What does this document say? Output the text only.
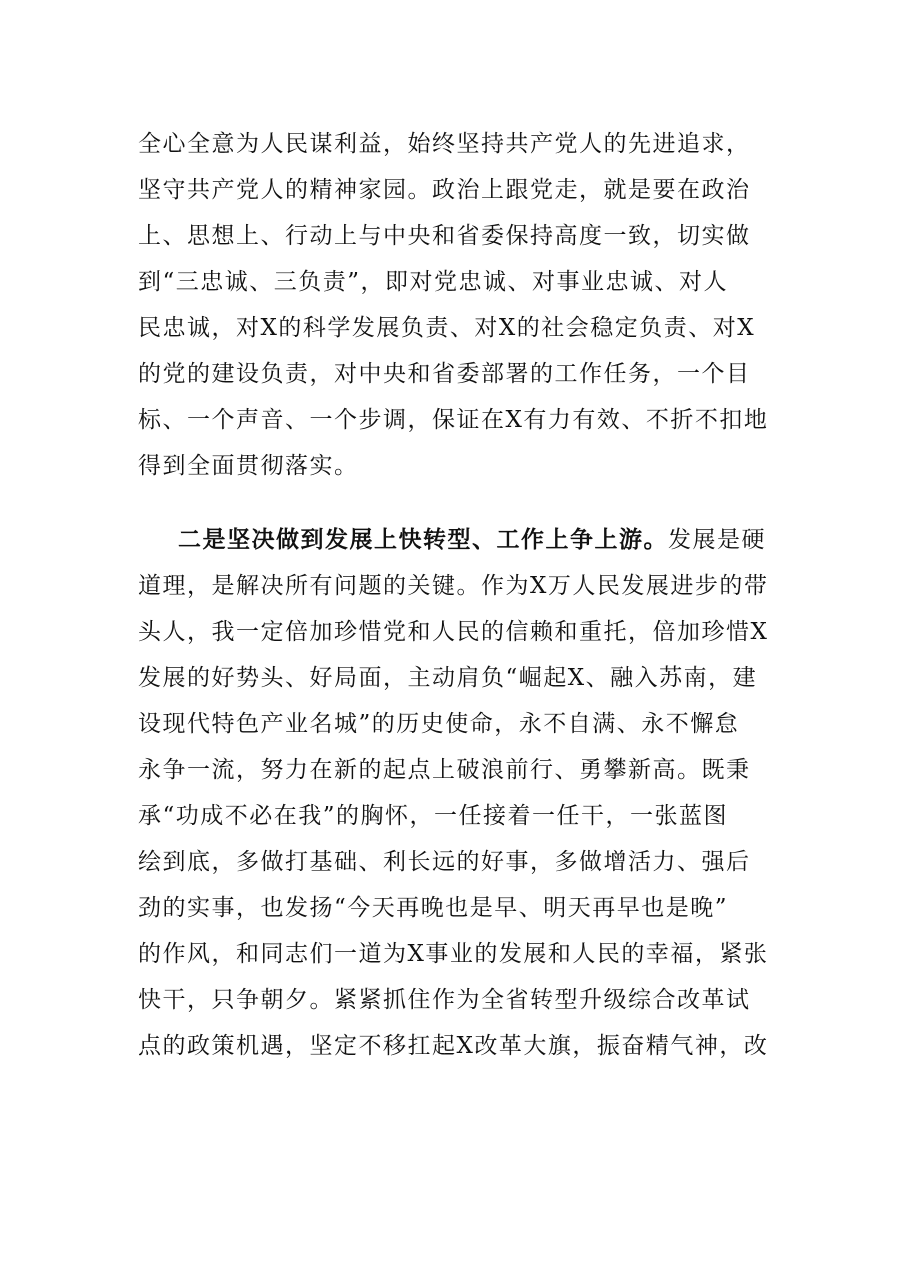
全心全意为人民谋利益，始终坚持共产党人的先进追求，
坚守共产党人的精神家园。政治上跟党走，就是要在政治
上、思想上、行动上与中央和省委保持高度一致，切实做
到“三忠诚、三负责”，即对党忠诚、对事业忠诚、对人
民忠诚，对X的科学发展负责、对X的社会稳定负责、对X
的党的建设负责，对中央和省委部署的工作任务，一个目
标、一个声音、一个步调，保证在X有力有效、不折不扣地
得到全面贯彻落实。
二是坚决做到发展上快转型、工作上争上游。发展是硬
道理，是解决所有问题的关键。作为X万人民发展进步的带
头人，我一定倍加珍惜党和人民的信赖和重托，倍加珍惜X
发展的好势头、好局面，主动肩负“崛起X、融入苏南，建
设现代特色产业名城”的历史使命，永不自满、永不懈怠
永争一流，努力在新的起点上破浪前行、勇攀新高。既秉
承“功成不必在我”的胸怀，一任接着一任干，一张蓝图
绘到底，多做打基础、利长远的好事，多做增活力、强后
劲的实事，也发扬“今天再晚也是早、明天再早也是晚”
的作风，和同志们一道为X事业的发展和人民的幸福，紧张
快干，只争朝夕。紧紧抓住作为全省转型升级综合改革试
点的政策机遇，坚定不移扛起X改革大旗，振奋精气神，改
